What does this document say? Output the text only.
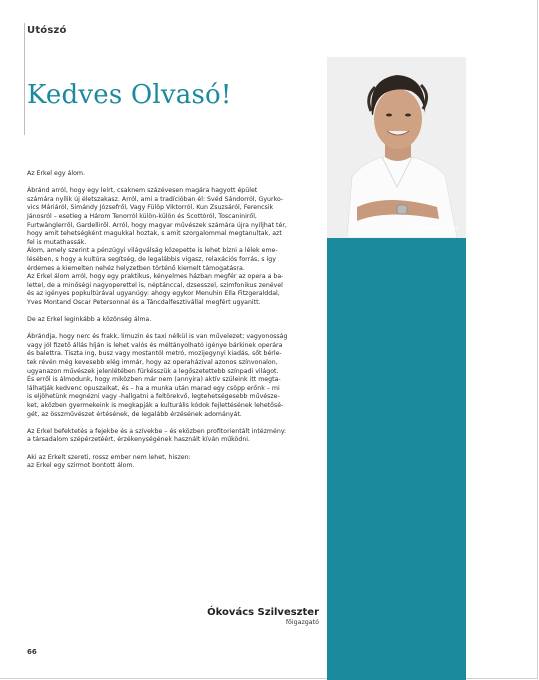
Utószó
Kedves Olvasó!
Fotó: Emmer László

Az Erkel egy álom.

Ábránd arról, hogy egy leírt, csaknem százévesen magára hagyott épület
számára nyílik új életszakasz. Arról, ami a tradícióban él: Svéd Sándorról, Gyurko-
vics Máriáról, Simándy Józsefről, Vagy Fülöp Viktorról, Kun Zsuzsáról, Ferencsik
Jánosról – esetleg a Három Tenorról külön-külön és Scottóról, Toscaniniről,
Furtwänglerről, Gardelliről. Arról, hogy magyar művészek számára újra nyíljhat tér,
hogy amit tehetségként magukkal hoztak, s amit szorgalommal megtanultak, azt
fel is mutathassák.
Álom, amely szerint a pénzügyi világválság közepette is lehet bízni a lélek eme-
lésében, s hogy a kultúra segítség, de legalábbis vigasz, relaxációs forrás, s így
érdemes a kiemelten nehéz helyzetben történő kiemelt támogatásra.
Az Erkel álom arról, hogy egy praktikus, kényelmes házban megfér az opera a ba-
lettel, de a minőségi nagyoperettel is, néptánccal, dzsesszel, szimfonikus zenével
és az igényes popkultúrával ugyanúgy: ahogy egykor Menuhin Ella Fitzgeralddal,
Yves Montand Oscar Petersonnal és a Táncdalfesztivállal megfért ugyanitt.

De az Erkel leginkább a közönség álma.

Ábrándja, hogy nerc és frakk, limuzin és taxi nélkül is van művelezet; vagyonosság
vagy jól fizető állás híján is lehet valós és méltányolható igénye bárkinek operára
és balettra. Tiszta ing, busz vagy mostantól metró, mozijegynyi kiadás, sőt bérle-
tek révén még kevesebb elég immár, hogy az operaházival azonos színvonalon,
ugyanazon művészek jelenlétében fürkésszük a legőszetettebb színpadi világot.
És erről is álmodunk, hogy miközben már nem (annyira) aktív szüleink itt megta-
lálhatják kedvenc opuszaikat, és – ha a munka után marad egy csöpp erőnk – mi
is eljöhetünk megnézni vagy -hallgatni a feltörekvő, legtehetségesebb művésze-
ket, aközben gyermekeink is megkapják a kulturális kódok fejlettésének lehetősé-
gét, az összművészet értésének, de legalább érzésének adományát.

Az Erkel befektetés a fejekbe és a szívekbe – és eközben profitorientált intézmény:
a társadalom szépérzetéért, érzékenységének használt kíván működni.

Aki az Erkelt szereti, rossz ember nem lehet, hiszen:
az Erkel egy szirmot bontott álom.

Ókovács Szilveszter
főigazgató
66
